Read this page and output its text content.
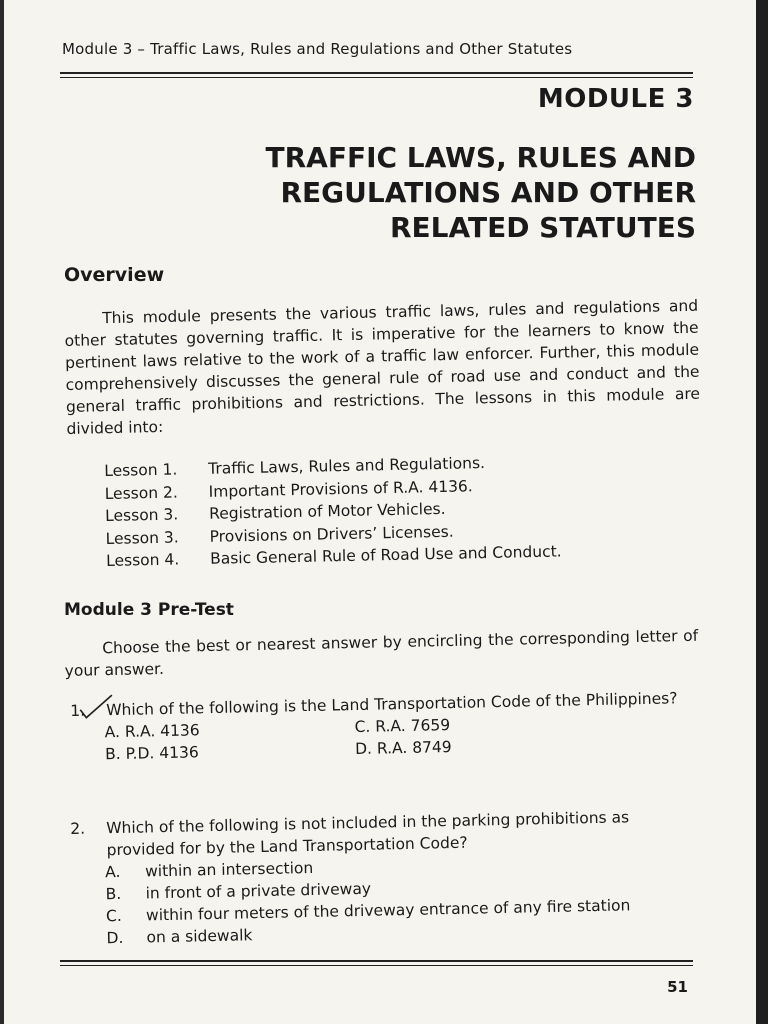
Module 3 – Traffic Laws, Rules and Regulations and Other Statutes
MODULE 3
TRAFFIC LAWS, RULES AND
REGULATIONS AND OTHER
RELATED STATUTES
Overview
This module presents the various traffic laws, rules and regulations and other statutes governing traffic. It is imperative for the learners to know the pertinent laws relative to the work of a traffic law enforcer. Further, this module comprehensively discusses the general rule of road use and conduct and the general traffic prohibitions and restrictions. The lessons in this module are divided into:
Lesson 1. Traffic Laws, Rules and Regulations.
Lesson 2. Important Provisions of R.A. 4136.
Lesson 3. Registration of Motor Vehicles.
Lesson 3. Provisions on Drivers’ Licenses.
Lesson 4. Basic General Rule of Road Use and Conduct.
Module 3 Pre-Test
Choose the best or nearest answer by encircling the corresponding letter of your answer.
1. Which of the following is the Land Transportation Code of the Philippines?
A. R.A. 4136	C. R.A. 7659
B. P.D. 4136	D. R.A. 8749
2. Which of the following is not included in the parking prohibitions as provided for by the Land Transportation Code?
A.	within an intersection
B.	in front of a private driveway
C.	within four meters of the driveway entrance of any fire station
D.	on a sidewalk
51
